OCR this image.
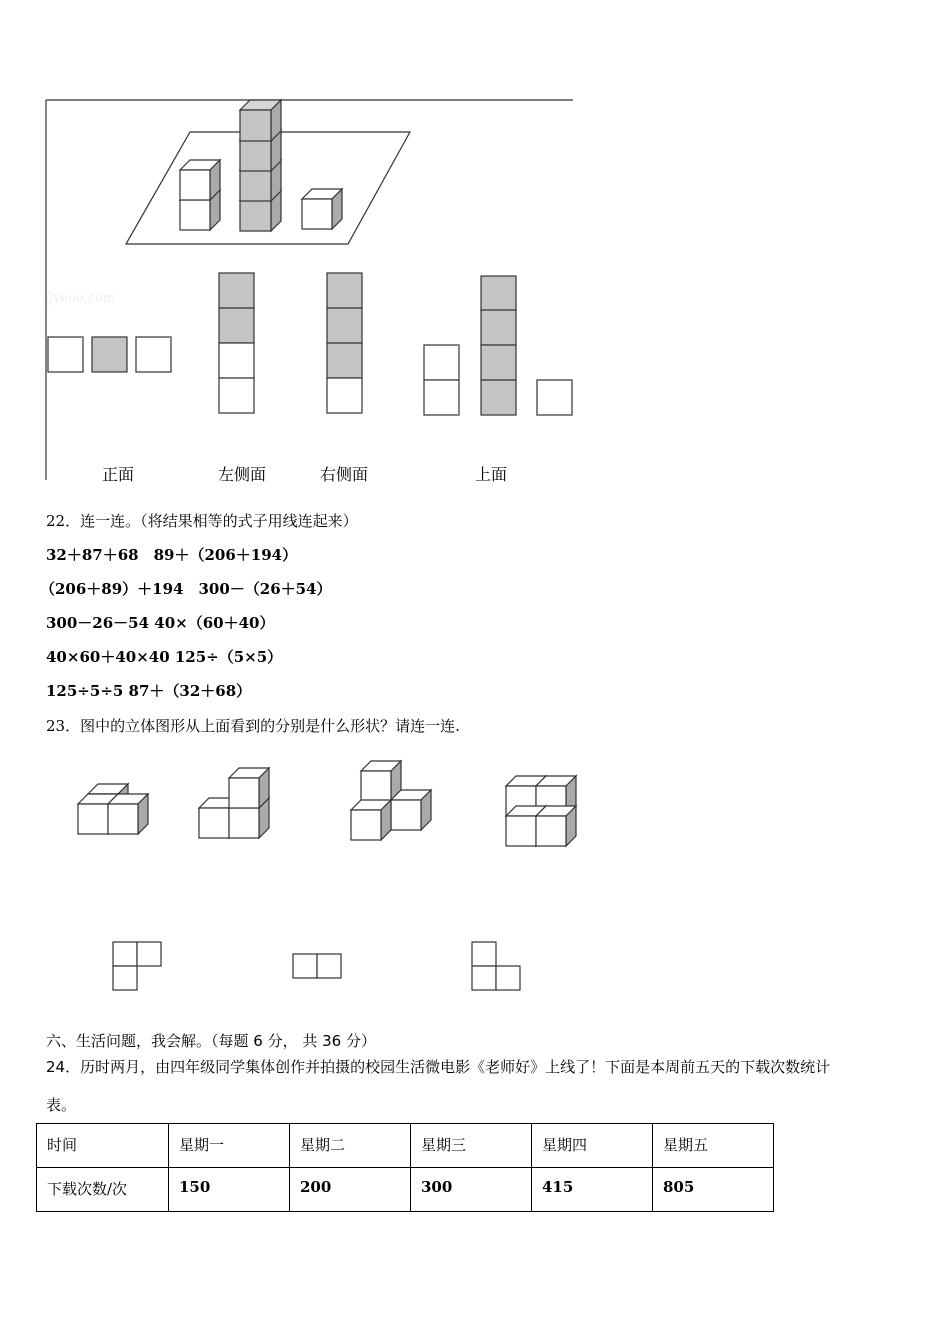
Jyeoo.com
正面	左侧面	右侧面	上面
22．连一连。（将结果相等的式子用线连起来）
32＋87＋68　89＋（206＋194）
（206＋89）＋194　300－（26＋54）
300－26－54 40×（60＋40）
40×60＋40×40 125÷（5×5）
125÷5÷5 87＋（32＋68）
23．图中的立体图形从上面看到的分别是什么形状？请连一连.
六、生活问题，我会解。（每题 6 分， 共 36 分）
24．历时两月，由四年级同学集体创作并拍摄的校园生活微电影《老师好》上线了！下面是本周前五天的下载次数统计
表。
时间	星期一	星期二	星期三	星期四	星期五
下载次数/次	150	200	300	415	805
